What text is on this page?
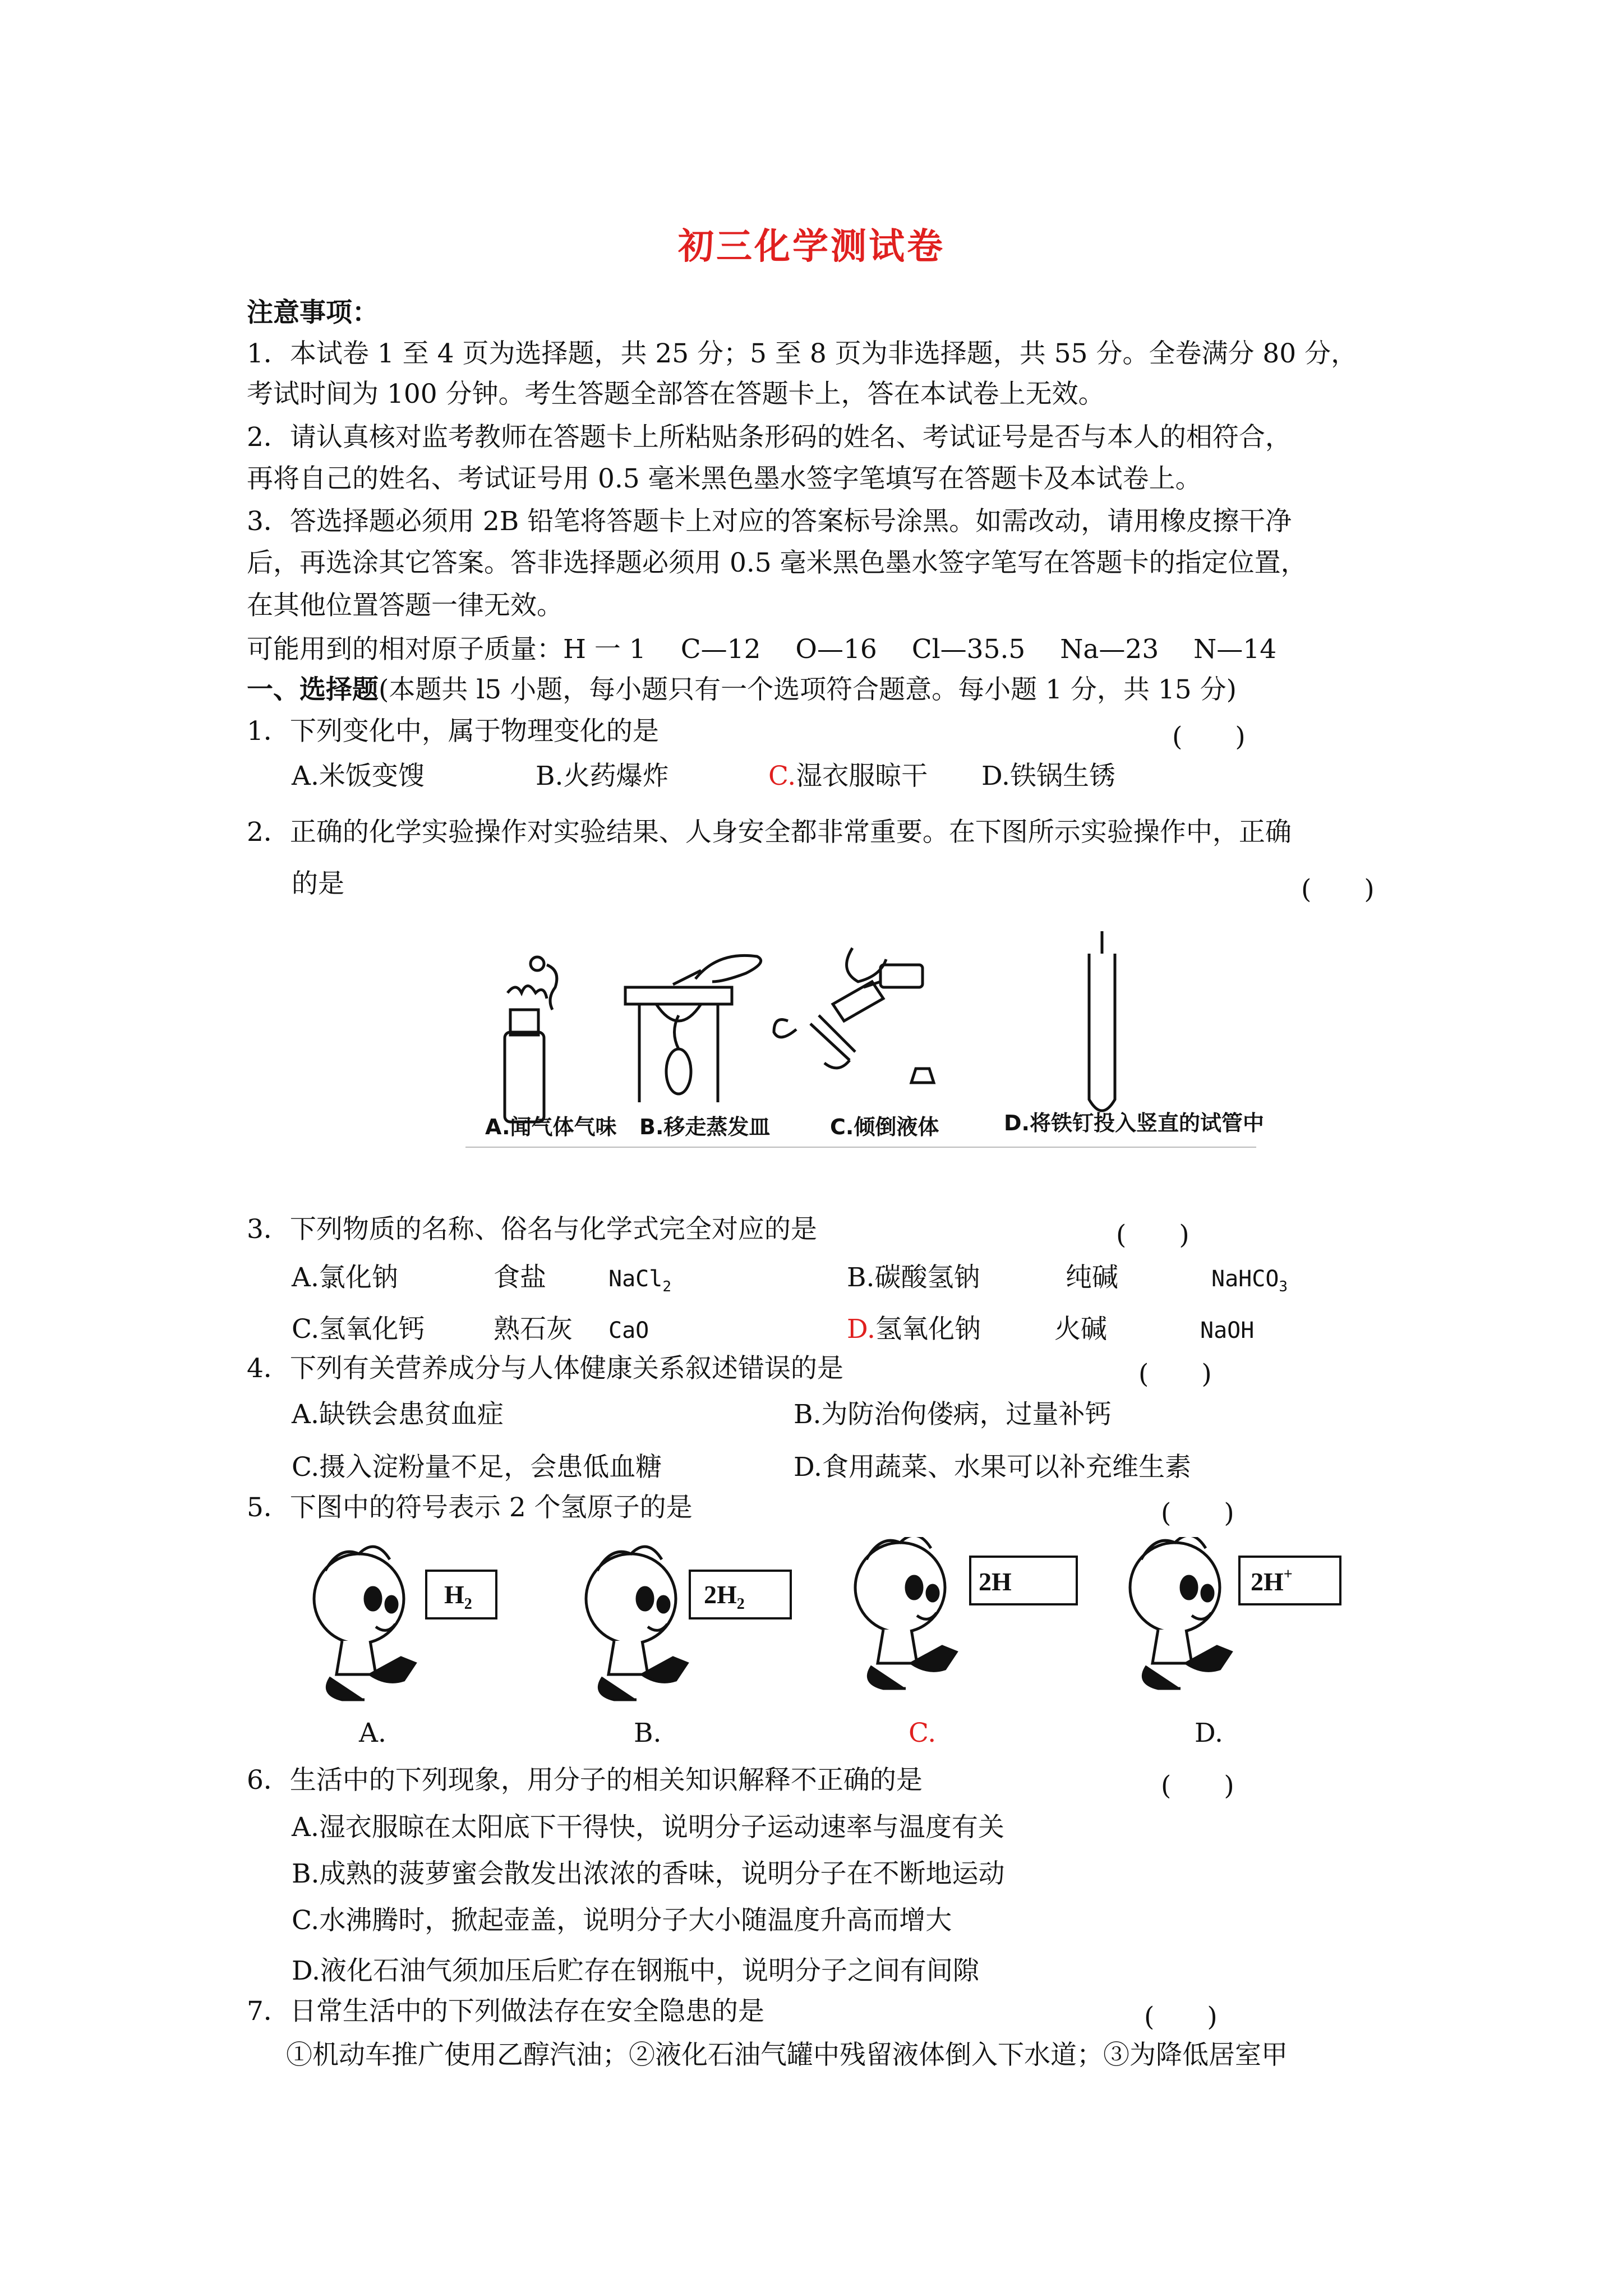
初三化学测试卷
注意事项：
1．本试卷 1 至 4 页为选择题，共 25 分；5 至 8 页为非选择题，共 55 分。全卷满分 80 分，
考试时间为 100 分钟。考生答题全部答在答题卡上，答在本试卷上无效。
2．请认真核对监考教师在答题卡上所粘贴条形码的姓名、考试证号是否与本人的相符合，
再将自己的姓名、考试证号用 0.5 毫米黑色墨水签字笔填写在答题卡及本试卷上。
3．答选择题必须用 2B 铅笔将答题卡上对应的答案标号涂黑。如需改动，请用橡皮擦干净
后，再选涂其它答案。答非选择题必须用 0.5 毫米黑色墨水签字笔写在答题卡的指定位置，
在其他位置答题一律无效。
可能用到的相对原子质量：H 一 1　 C—12　 O—16　 Cl—35.5　 Na—23　 N—14
一、选择题(本题共 l5 小题，每小题只有一个选项符合题意。每小题 1 分，共 15 分)
1．下列变化中，属于物理变化的是	(　　)
A.米饭变馊	B.火药爆炸	C.湿衣服晾干 D.铁锅生锈
2．正确的化学实验操作对实验结果、人身安全都非常重要。在下图所示实验操作中，正确
的是	(　　)
A.闻气体气味 B.移走蒸发皿	C.倾倒液体	D.将铁钉投入竖直的试管中
3．下列物质的名称、俗名与化学式完全对应的是	(　　)
A.氯化钠	食盐	NaCl$_2$	B.碳酸氢钠	纯碱	NaHCO$_3$
C.氢氧化钙	熟石灰 CaO	D.氢氧化钠	火碱	NaOH
4．下列有关营养成分与人体健康关系叙述错误的是	(　　)
A.缺铁会患贫血症	B.为防治佝偻病，过量补钙
C.摄入淀粉量不足，会患低血糖	D.食用蔬菜、水果可以补充维生素
5．下图中的符号表示 2 个氢原子的是	(　　)
$H_2$	$2H_2$
2H	2H+
A.	B.	C.	D.
6．生活中的下列现象，用分子的相关知识解释不正确的是	(　　)
A.湿衣服晾在太阳底下干得快，说明分子运动速率与温度有关
B.成熟的菠萝蜜会散发出浓浓的香味，说明分子在不断地运动
C.水沸腾时，掀起壶盖，说明分子大小随温度升高而增大
D.液化石油气须加压后贮存在钢瓶中，说明分子之间有间隙
7．日常生活中的下列做法存在安全隐患的是	(　　)
①机动车推广使用乙醇汽油；②液化石油气罐中残留液体倒入下水道；③为降低居室甲
